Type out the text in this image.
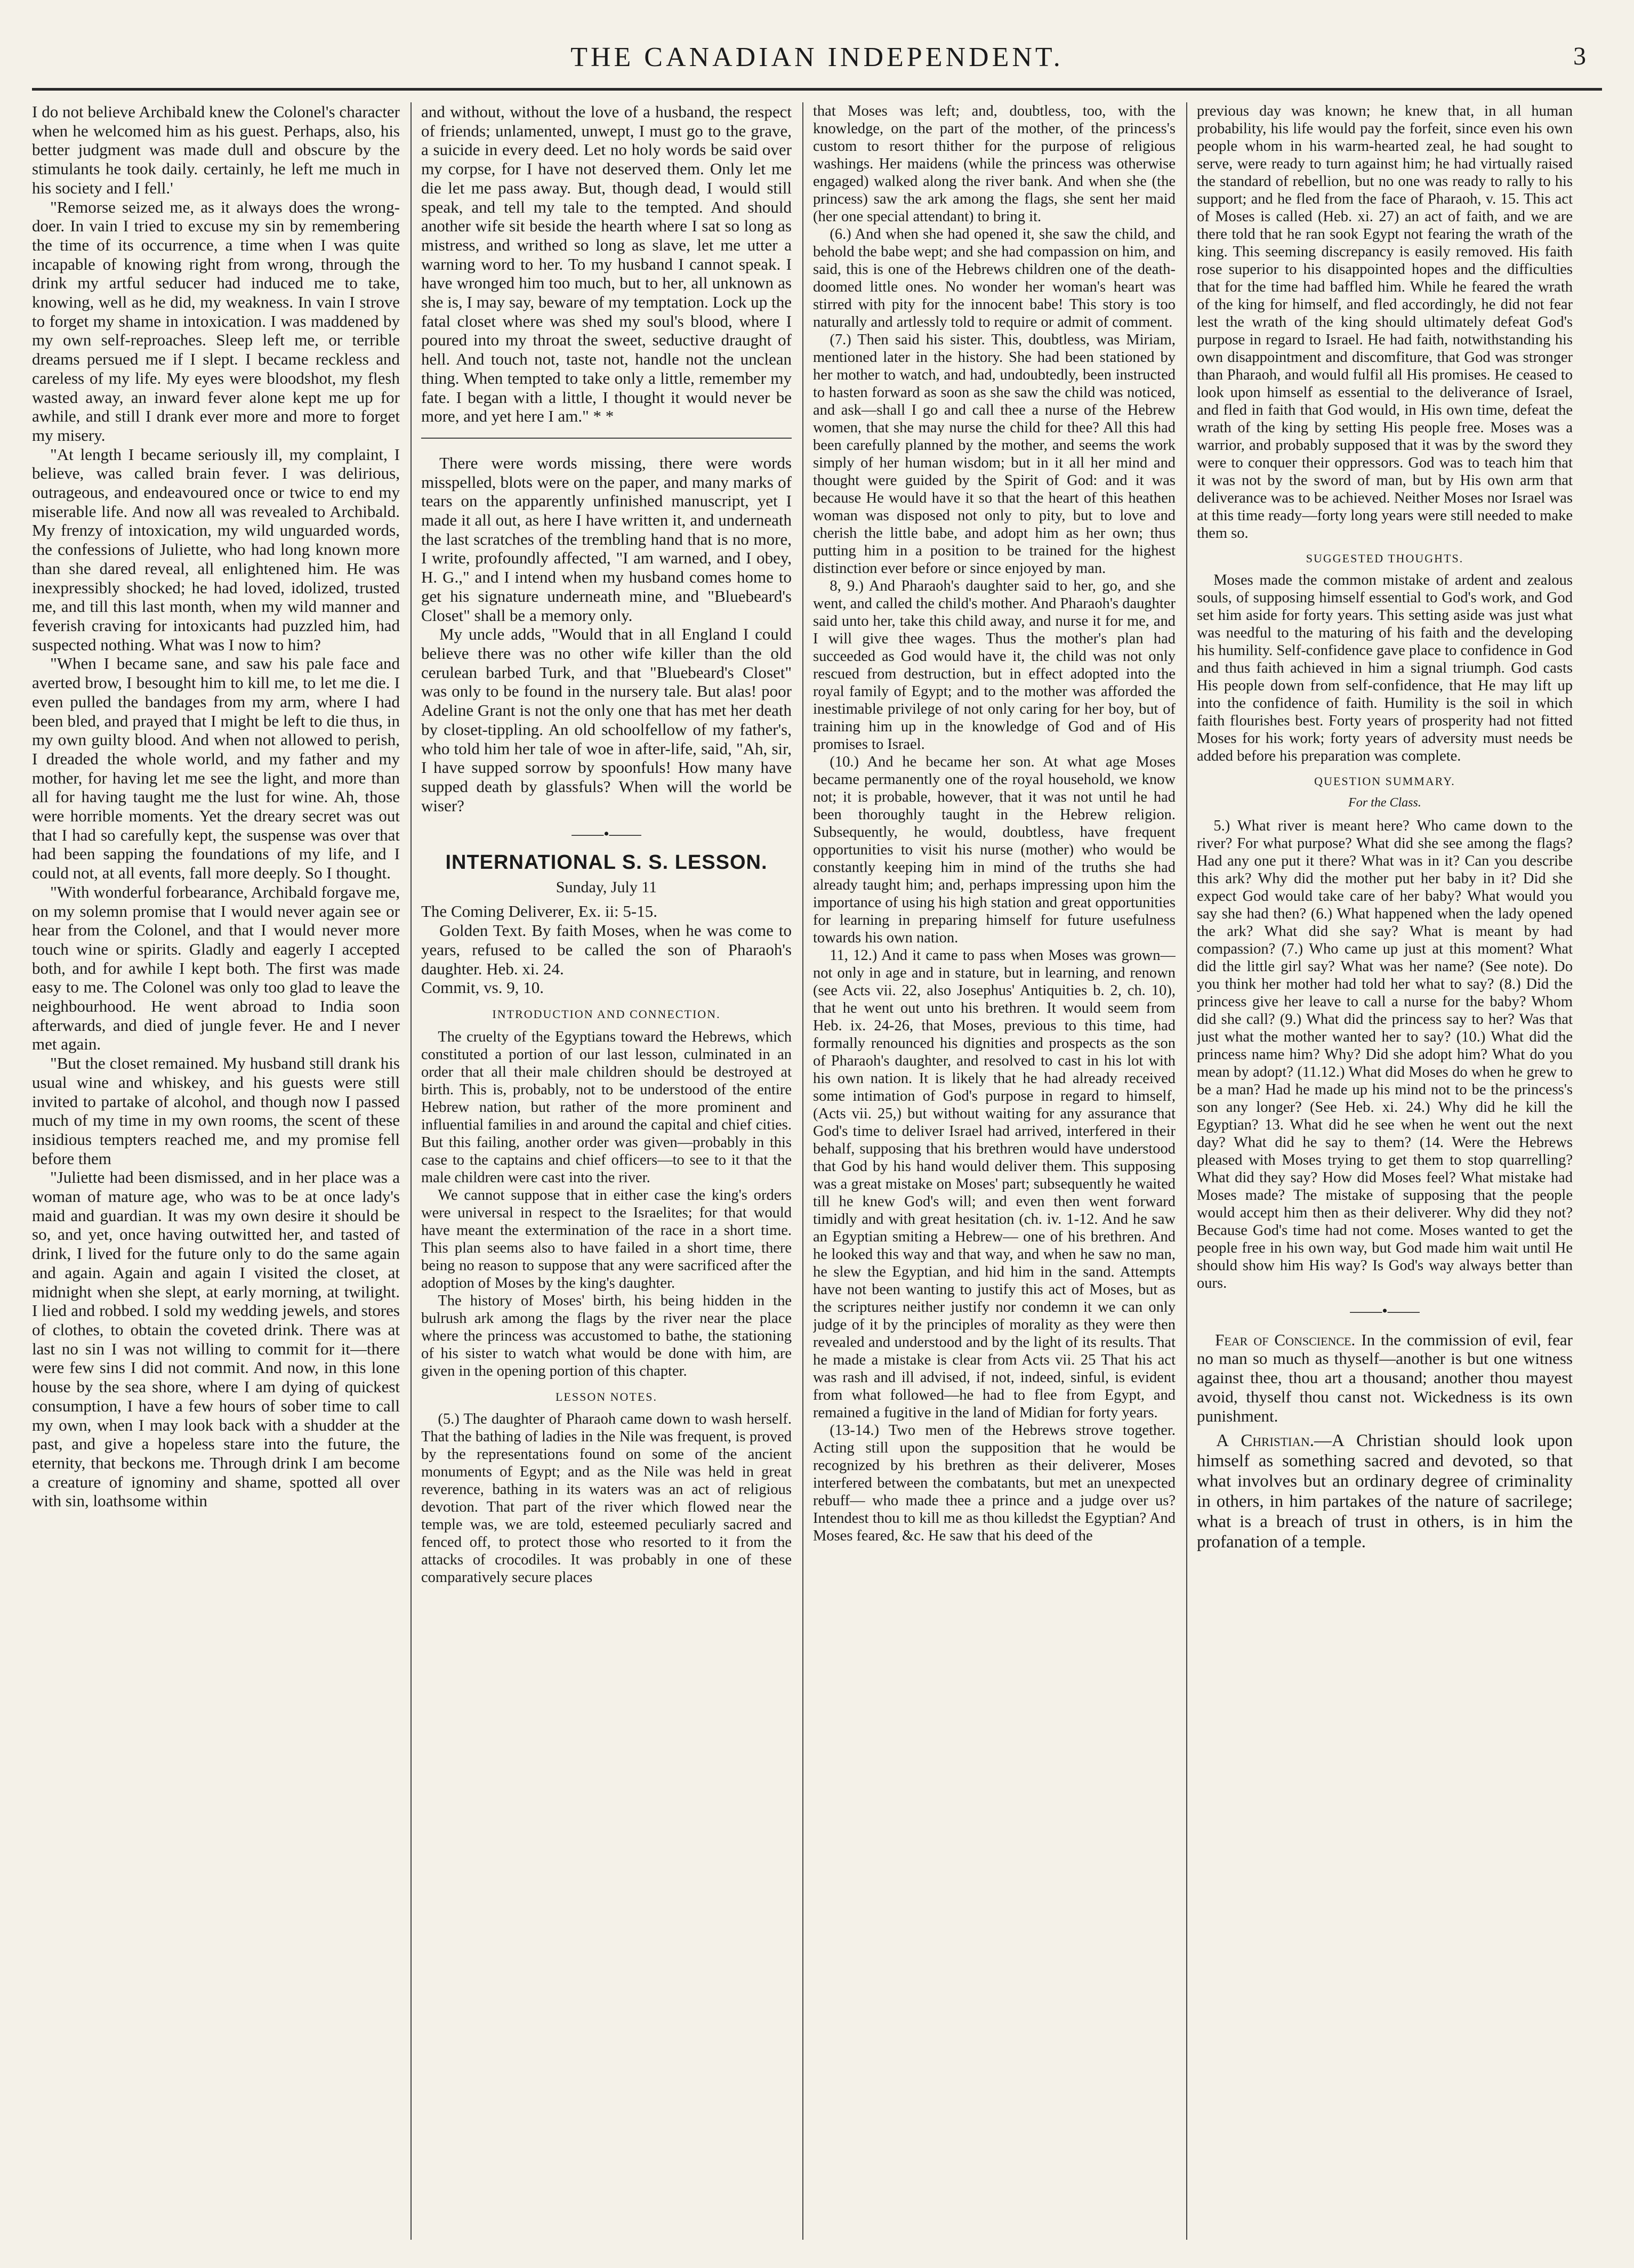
THE CANADIAN INDEPENDENT.	3

I do not believe Archibald knew the Colonel's character when he welcomed him as his guest. Perhaps, also, his better judgment was made dull and obscure by the stimulants he took daily. certainly, he left me much in his society and I fell.'

"Remorse seized me, as it always does the wrong-doer. In vain I tried to excuse my sin by remembering the time of its occurrence, a time when I was quite incapable of knowing right from wrong, through the drink my artful seducer had induced me to take, knowing, well as he did, my weakness. In vain I strove to forget my shame in intoxication. I was maddened by my own self-reproaches. Sleep left me, or terrible dreams persued me if I slept. I became reckless and careless of my life. My eyes were bloodshot, my flesh wasted away, an inward fever alone kept me up for awhile, and still I drank ever more and more to forget my misery.

"At length I became seriously ill, my complaint, I believe, was called brain fever. I was delirious, outrageous, and endeavoured once or twice to end my miserable life. And now all was revealed to Archibald. My frenzy of intoxication, my wild unguarded words, the confessions of Juliette, who had long known more than she dared reveal, all enlightened him. He was inexpressibly shocked; he had loved, idolized, trusted me, and till this last month, when my wild manner and feverish craving for intoxicants had puzzled him, had suspected nothing. What was I now to him?

"When I became sane, and saw his pale face and averted brow, I besought him to kill me, to let me die. I even pulled the bandages from my arm, where I had been bled, and prayed that I might be left to die thus, in my own guilty blood. And when not allowed to perish, I dreaded the whole world, and my father and my mother, for having let me see the light, and more than all for having taught me the lust for wine. Ah, those were horrible moments. Yet the dreary secret was out that I had so carefully kept, the suspense was over that had been sapping the foundations of my life, and I could not, at all events, fall more deeply. So I thought.

"With wonderful forbearance, Archibald forgave me, on my solemn promise that I would never again see or hear from the Colonel, and that I would never more touch wine or spirits. Gladly and eagerly I accepted both, and for awhile I kept both. The first was made easy to me. The Colonel was only too glad to leave the neighbourhood. He went abroad to India soon afterwards, and died of jungle fever. He and I never met again.

"But the closet remained. My husband still drank his usual wine and whiskey, and his guests were still invited to partake of alcohol, and though now I passed much of my time in my own rooms, the scent of these insidious tempters reached me, and my promise fell before them

"Juliette had been dismissed, and in her place was a woman of mature age, who was to be at once lady's maid and guardian. It was my own desire it should be so, and yet, once having outwitted her, and tasted of drink, I lived for the future only to do the same again and again. Again and again I visited the closet, at midnight when she slept, at early morning, at twilight. I lied and robbed. I sold my wedding jewels, and stores of clothes, to obtain the coveted drink. There was at last no sin I was not willing to commit for it—there were few sins I did not commit. And now, in this lone house by the sea shore, where I am dying of quickest consumption, I have a few hours of sober time to call my own, when I may look back with a shudder at the past, and give a hopeless stare into the future, the eternity, that beckons me. Through drink I am become a creature of ignominy and shame, spotted all over with sin, loathsome within

and without, without the love of a husband, the respect of friends; unlamented, unwept, I must go to the grave, a suicide in every deed. Let no holy words be said over my corpse, for I have not deserved them. Only let me die let me pass away. But, though dead, I would still speak, and tell my tale to the tempted. And should another wife sit beside the hearth where I sat so long as mistress, and writhed so long as slave, let me utter a warning word to her. To my husband I cannot speak. I have wronged him too much, but to her, all unknown as she is, I may say, beware of my temptation. Lock up the fatal closet where was shed my soul's blood, where I poured into my throat the sweet, seductive draught of hell. And touch not, taste not, handle not the unclean thing. When tempted to take only a little, remember my fate. I began with a little, I thought it would never be more, and yet here I am." * *

There were words missing, there were words misspelled, blots were on the paper, and many marks of tears on the apparently unfinished manuscript, yet I made it all out, as here I have written it, and underneath the last scratches of the trembling hand that is no more, I write, profoundly affected, "I am warned, and I obey, H. G.," and I intend when my husband comes home to get his signature underneath mine, and "Bluebeard's Closet" shall be a memory only.

My uncle adds, "Would that in all England I could believe there was no other wife killer than the old cerulean barbed Turk, and that "Bluebeard's Closet" was only to be found in the nursery tale. But alas! poor Adeline Grant is not the only one that has met her death by closet-tippling. An old schoolfellow of my father's, who told him her tale of woe in after-life, said, "Ah, sir, I have supped sorrow by spoonfuls! How many have supped death by glassfuls? When will the world be wiser?

——•——
INTERNATIONAL S. S. LESSON.
Sunday, July 11

The Coming Deliverer, Ex. ii: 5-15.

Golden Text. By faith Moses, when he was come to years, refused to be called the son of Pharaoh's daughter. Heb. xi. 24.

Commit, vs. 9, 10.

INTRODUCTION AND CONNECTION.

The cruelty of the Egyptians toward the Hebrews, which constituted a portion of our last lesson, culminated in an order that all their male children should be destroyed at birth. This is, probably, not to be understood of the entire Hebrew nation, but rather of the more prominent and influential families in and around the capital and chief cities. But this failing, another order was given—probably in this case to the captains and chief officers—to see to it that the male children were cast into the river.

We cannot suppose that in either case the king's orders were universal in respect to the Israelites; for that would have meant the extermination of the race in a short time. This plan seems also to have failed in a short time, there being no reason to suppose that any were sacrificed after the adoption of Moses by the king's daughter.

The history of Moses' birth, his being hidden in the bulrush ark among the flags by the river near the place where the princess was accustomed to bathe, the stationing of his sister to watch what would be done with him, are given in the opening portion of this chapter.

LESSON NOTES.

(5.) The daughter of Pharaoh came down to wash herself. That the bathing of ladies in the Nile was frequent, is proved by the representations found on some of the ancient monuments of Egypt; and as the Nile was held in great reverence, bathing in its waters was an act of religious devotion. That part of the river which flowed near the temple was, we are told, esteemed peculiarly sacred and fenced off, to protect those who resorted to it from the attacks of crocodiles. It was probably in one of these comparatively secure places

that Moses was left; and, doubtless, too, with the knowledge, on the part of the mother, of the princess's custom to resort thither for the purpose of religious washings. Her maidens (while the princess was otherwise engaged) walked along the river bank. And when she (the princess) saw the ark among the flags, she sent her maid (her one special attendant) to bring it.

(6.) And when she had opened it, she saw the child, and behold the babe wept; and she had compassion on him, and said, this is one of the Hebrews children one of the death-doomed little ones. No wonder her woman's heart was stirred with pity for the innocent babe! This story is too naturally and artlessly told to require or admit of comment.

(7.) Then said his sister. This, doubtless, was Miriam, mentioned later in the history. She had been stationed by her mother to watch, and had, undoubtedly, been instructed to hasten forward as soon as she saw the child was noticed, and ask—shall I go and call thee a nurse of the Hebrew women, that she may nurse the child for thee? All this had been carefully planned by the mother, and seems the work simply of her human wisdom; but in it all her mind and thought were guided by the Spirit of God: and it was because He would have it so that the heart of this heathen woman was disposed not only to pity, but to love and cherish the little babe, and adopt him as her own; thus putting him in a position to be trained for the highest distinction ever before or since enjoyed by man.

8, 9.) And Pharaoh's daughter said to her, go, and she went, and called the child's mother. And Pharaoh's daughter said unto her, take this child away, and nurse it for me, and I will give thee wages. Thus the mother's plan had succeeded as God would have it, the child was not only rescued from destruction, but in effect adopted into the royal family of Egypt; and to the mother was afforded the inestimable privilege of not only caring for her boy, but of training him up in the knowledge of God and of His promises to Israel.

(10.) And he became her son. At what age Moses became permanently one of the royal household, we know not; it is probable, however, that it was not until he had been thoroughly taught in the Hebrew religion. Subsequently, he would, doubtless, have frequent opportunities to visit his nurse (mother) who would be constantly keeping him in mind of the truths she had already taught him; and, perhaps impressing upon him the importance of using his high station and great opportunities for learning in preparing himself for future usefulness towards his own nation.

11, 12.) And it came to pass when Moses was grown— not only in age and in stature, but in learning, and renown (see Acts vii. 22, also Josephus' Antiquities b. 2, ch. 10), that he went out unto his brethren. It would seem from Heb. ix. 24-26, that Moses, previous to this time, had formally renounced his dignities and prospects as the son of Pharaoh's daughter, and resolved to cast in his lot with his own nation. It is likely that he had already received some intimation of God's purpose in regard to himself, (Acts vii. 25,) but without waiting for any assurance that God's time to deliver Israel had arrived, interfered in their behalf, supposing that his brethren would have understood that God by his hand would deliver them. This supposing was a great mistake on Moses' part; subsequently he waited till he knew God's will; and even then went forward timidly and with great hesitation (ch. iv. 1-12. And he saw an Egyptian smiting a Hebrew— one of his brethren. And he looked this way and that way, and when he saw no man, he slew the Egyptian, and hid him in the sand. Attempts have not been wanting to justify this act of Moses, but as the scriptures neither justify nor condemn it we can only judge of it by the principles of morality as they were then revealed and understood and by the light of its results. That he made a mistake is clear from Acts vii. 25 That his act was rash and ill advised, if not, indeed, sinful, is evident from what followed—he had to flee from Egypt, and remained a fugitive in the land of Midian for forty years.

(13-14.) Two men of the Hebrews strove together. Acting still upon the supposition that he would be recognized by his brethren as their deliverer, Moses interfered between the combatants, but met an unexpected rebuff— who made thee a prince and a judge over us? Intendest thou to kill me as thou killedst the Egyptian? And Moses feared, &c. He saw that his deed of the

previous day was known; he knew that, in all human probability, his life would pay the forfeit, since even his own people whom in his warm-hearted zeal, he had sought to serve, were ready to turn against him; he had virtually raised the standard of rebellion, but no one was ready to rally to his support; and he fled from the face of Pharaoh, v. 15. This act of Moses is called (Heb. xi. 27) an act of faith, and we are there told that he ran sook Egypt not fearing the wrath of the king. This seeming discrepancy is easily removed. His faith rose superior to his disappointed hopes and the difficulties that for the time had baffled him. While he feared the wrath of the king for himself, and fled accordingly, he did not fear lest the wrath of the king should ultimately defeat God's purpose in regard to Israel. He had faith, notwithstanding his own disappointment and discomfiture, that God was stronger than Pharaoh, and would fulfil all His promises. He ceased to look upon himself as essential to the deliverance of Israel, and fled in faith that God would, in His own time, defeat the wrath of the king by setting His people free. Moses was a warrior, and probably supposed that it was by the sword they were to conquer their oppressors. God was to teach him that it was not by the sword of man, but by His own arm that deliverance was to be achieved. Neither Moses nor Israel was at this time ready—forty long years were still needed to make them so.

SUGGESTED THOUGHTS.

Moses made the common mistake of ardent and zealous souls, of supposing himself essential to God's work, and God set him aside for forty years. This setting aside was just what was needful to the maturing of his faith and the developing his humility. Self-confidence gave place to confidence in God and thus faith achieved in him a signal triumph. God casts His people down from self-confidence, that He may lift up into the confidence of faith. Humility is the soil in which faith flourishes best. Forty years of prosperity had not fitted Moses for his work; forty years of adversity must needs be added before his preparation was complete.

QUESTION SUMMARY.
For the Class.

5.) What river is meant here? Who came down to the river? For what purpose? What did she see among the flags? Had any one put it there? What was in it? Can you describe this ark? Why did the mother put her baby in it? Did she expect God would take care of her baby? What would you say she had then? (6.) What happened when the lady opened the ark? What did she say? What is meant by had compassion? (7.) Who came up just at this moment? What did the little girl say? What was her name? (See note). Do you think her mother had told her what to say? (8.) Did the princess give her leave to call a nurse for the baby? Whom did she call? (9.) What did the princess say to her? Was that just what the mother wanted her to say? (10.) What did the princess name him? Why? Did she adopt him? What do you mean by adopt? (11.12.) What did Moses do when he grew to be a man? Had he made up his mind not to be the princess's son any longer? (See Heb. xi. 24.) Why did he kill the Egyptian? 13. What did he see when he went out the next day? What did he say to them? (14. Were the Hebrews pleased with Moses trying to get them to stop quarrelling? What did they say? How did Moses feel? What mistake had Moses made? The mistake of supposing that the people would accept him then as their deliverer. Why did they not? Because God's time had not come. Moses wanted to get the people free in his own way, but God made him wait until He should show him His way? Is God's way always better than ours.

——•——

Fear of Conscience. In the commission of evil, fear no man so much as thyself—another is but one witness against thee, thou art a thousand; another thou mayest avoid, thyself thou canst not. Wickedness is its own punishment.

A Christian.—A Christian should look upon himself as something sacred and devoted, so that what involves but an ordinary degree of criminality in others, in him partakes of the nature of sacrilege; what is a breach of trust in others, is in him the profanation of a temple.
